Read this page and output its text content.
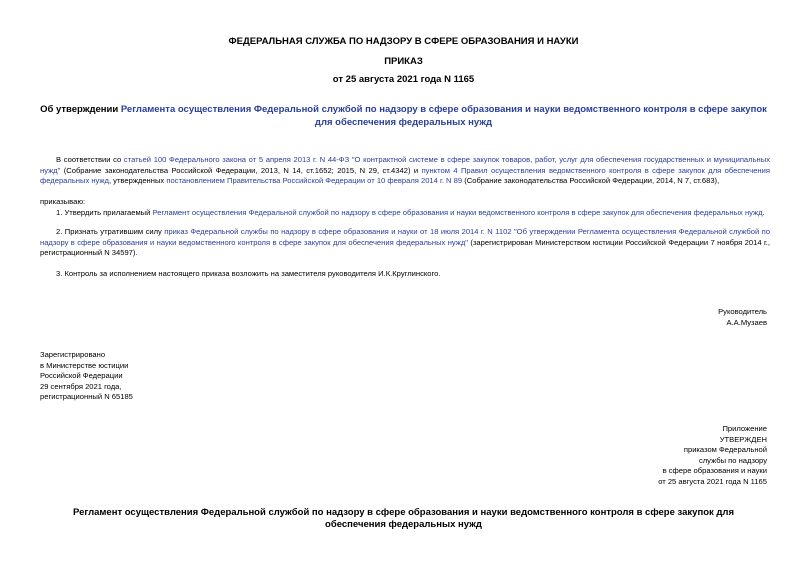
ФЕДЕРАЛЬНАЯ СЛУЖБА ПО НАДЗОРУ В СФЕРЕ ОБРАЗОВАНИЯ И НАУКИ
ПРИКАЗ
от 25 августа 2021 года N 1165
Об утверждении Регламента осуществления Федеральной службой по надзору в сфере образования и науки ведомственного контроля в сфере закупок для обеспечения федеральных нужд
В соответствии со статьей 100 Федерального закона от 5 апреля 2013 г. N 44-ФЗ "О контрактной системе в сфере закупок товаров, работ, услуг для обеспечения государственных и муниципальных нужд" (Собрание законодательства Российской Федерации, 2013, N 14, ст.1652; 2015, N 29, ст.4342) и пунктом 4 Правил осуществления ведомственного контроля в сфере закупок для обеспечения федеральных нужд, утвержденных постановлением Правительства Российской Федерации от 10 февраля 2014 г. N 89 (Собрание законодательства Российской Федерации, 2014, N 7, ст.683),
приказываю:
1. Утвердить прилагаемый Регламент осуществления Федеральной службой по надзору в сфере образования и науки ведомственного контроля в сфере закупок для обеспечения федеральных нужд.
2. Признать утратившим силу приказ Федеральной службы по надзору в сфере образования и науки от 18 июля 2014 г. N 1102 "Об утверждении Регламента осуществления Федеральной службой по надзору в сфере образования и науки ведомственного контроля в сфере закупок для обеспечения федеральных нужд" (зарегистрирован Министерством юстиции Российской Федерации 7 ноября 2014 г., регистрационный N 34597).
3. Контроль за исполнением настоящего приказа возложить на заместителя руководителя И.К.Круглинского.
Руководитель
А.А.Музаев
Зарегистрировано
в Министерстве юстиции
Российской Федерации
29 сентября 2021 года,
регистрационный N 65185
Приложение
УТВЕРЖДЕН
приказом Федеральной
службы по надзору
в сфере образования и науки
от 25 августа 2021 года N 1165
Регламент осуществления Федеральной службой по надзору в сфере образования и науки ведомственного контроля в сфере закупок для обеспечения федеральных нужд
